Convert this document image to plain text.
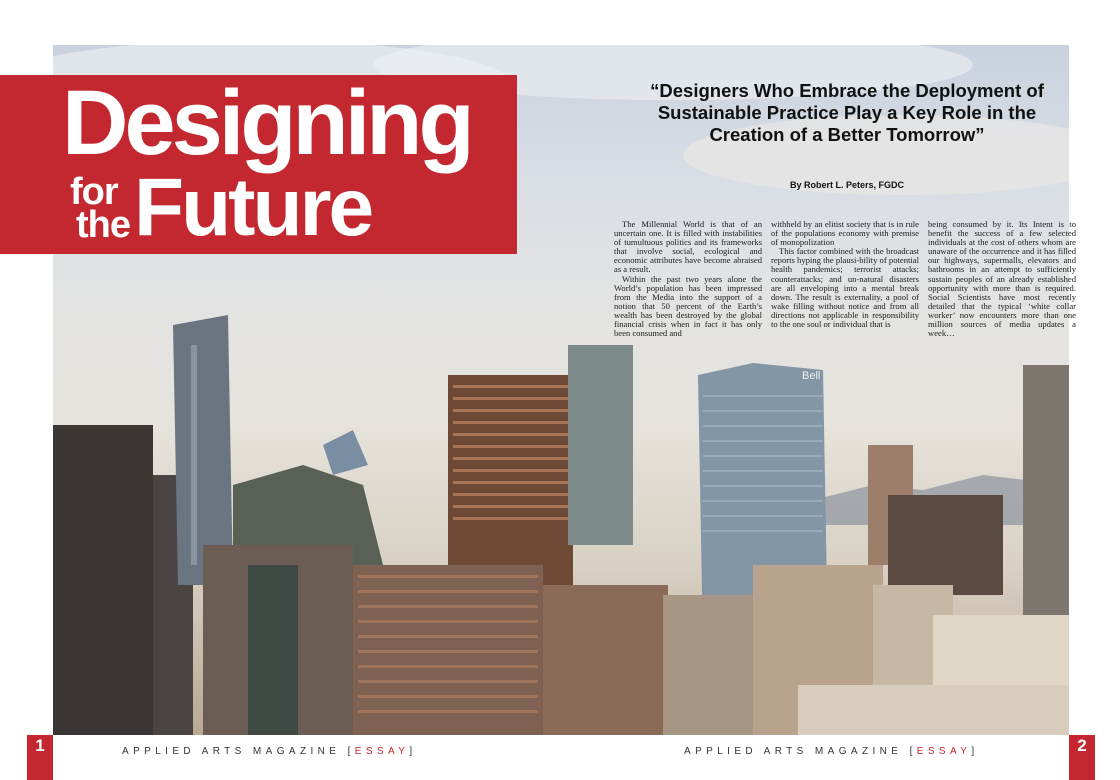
Bell
Designing
for
the Future
“Designers Who Embrace the Deployment of Sustainable Practice Play a Key Role in the Creation of a Better Tomorrow”
By Robert L. Peters, FGDC

The Millennial World is that of an uncertain one. It is filled with instabilities of tumultuous politics and its frameworks that involve social, ecological and economic attributes have become abraised as a result.

Within the past two years alone the World’s population has been impressed from the Media into the support of a notion that 50 percent of the Earth’s wealth has been destroyed by the global financial crisis when in fact it has only been consumed and

withheld by an elitist society that is in rule of the populations economy with premise of monopolization

This factor combined with the broadcast reports hyping the plausi-bility of potential health pandemics; terrorist attacks; counterattacks; and un-natural disasters are all enveloping into a mental break down. The result is externality, a pool of wake filling without notice and from all directions not applicable in responsibility to the one soul or individual that is

being consumed by it. Its Intent is to benefit the success of a few selected individuals at the cost of others whom are unaware of the occurrence and it has filled our highways, supermalls, elevators and bathrooms in an attempt to sufficiently sustain peoples of an already established opportunity with more than is required. Social Scientists have most recently detailed that the typical ‘white collar worker’ now encounters more than one million sources of media updates a week…

1	2
APPLIED ARTS MAGAZINE [ESSAY]	APPLIED ARTS MAGAZINE [ESSAY]
